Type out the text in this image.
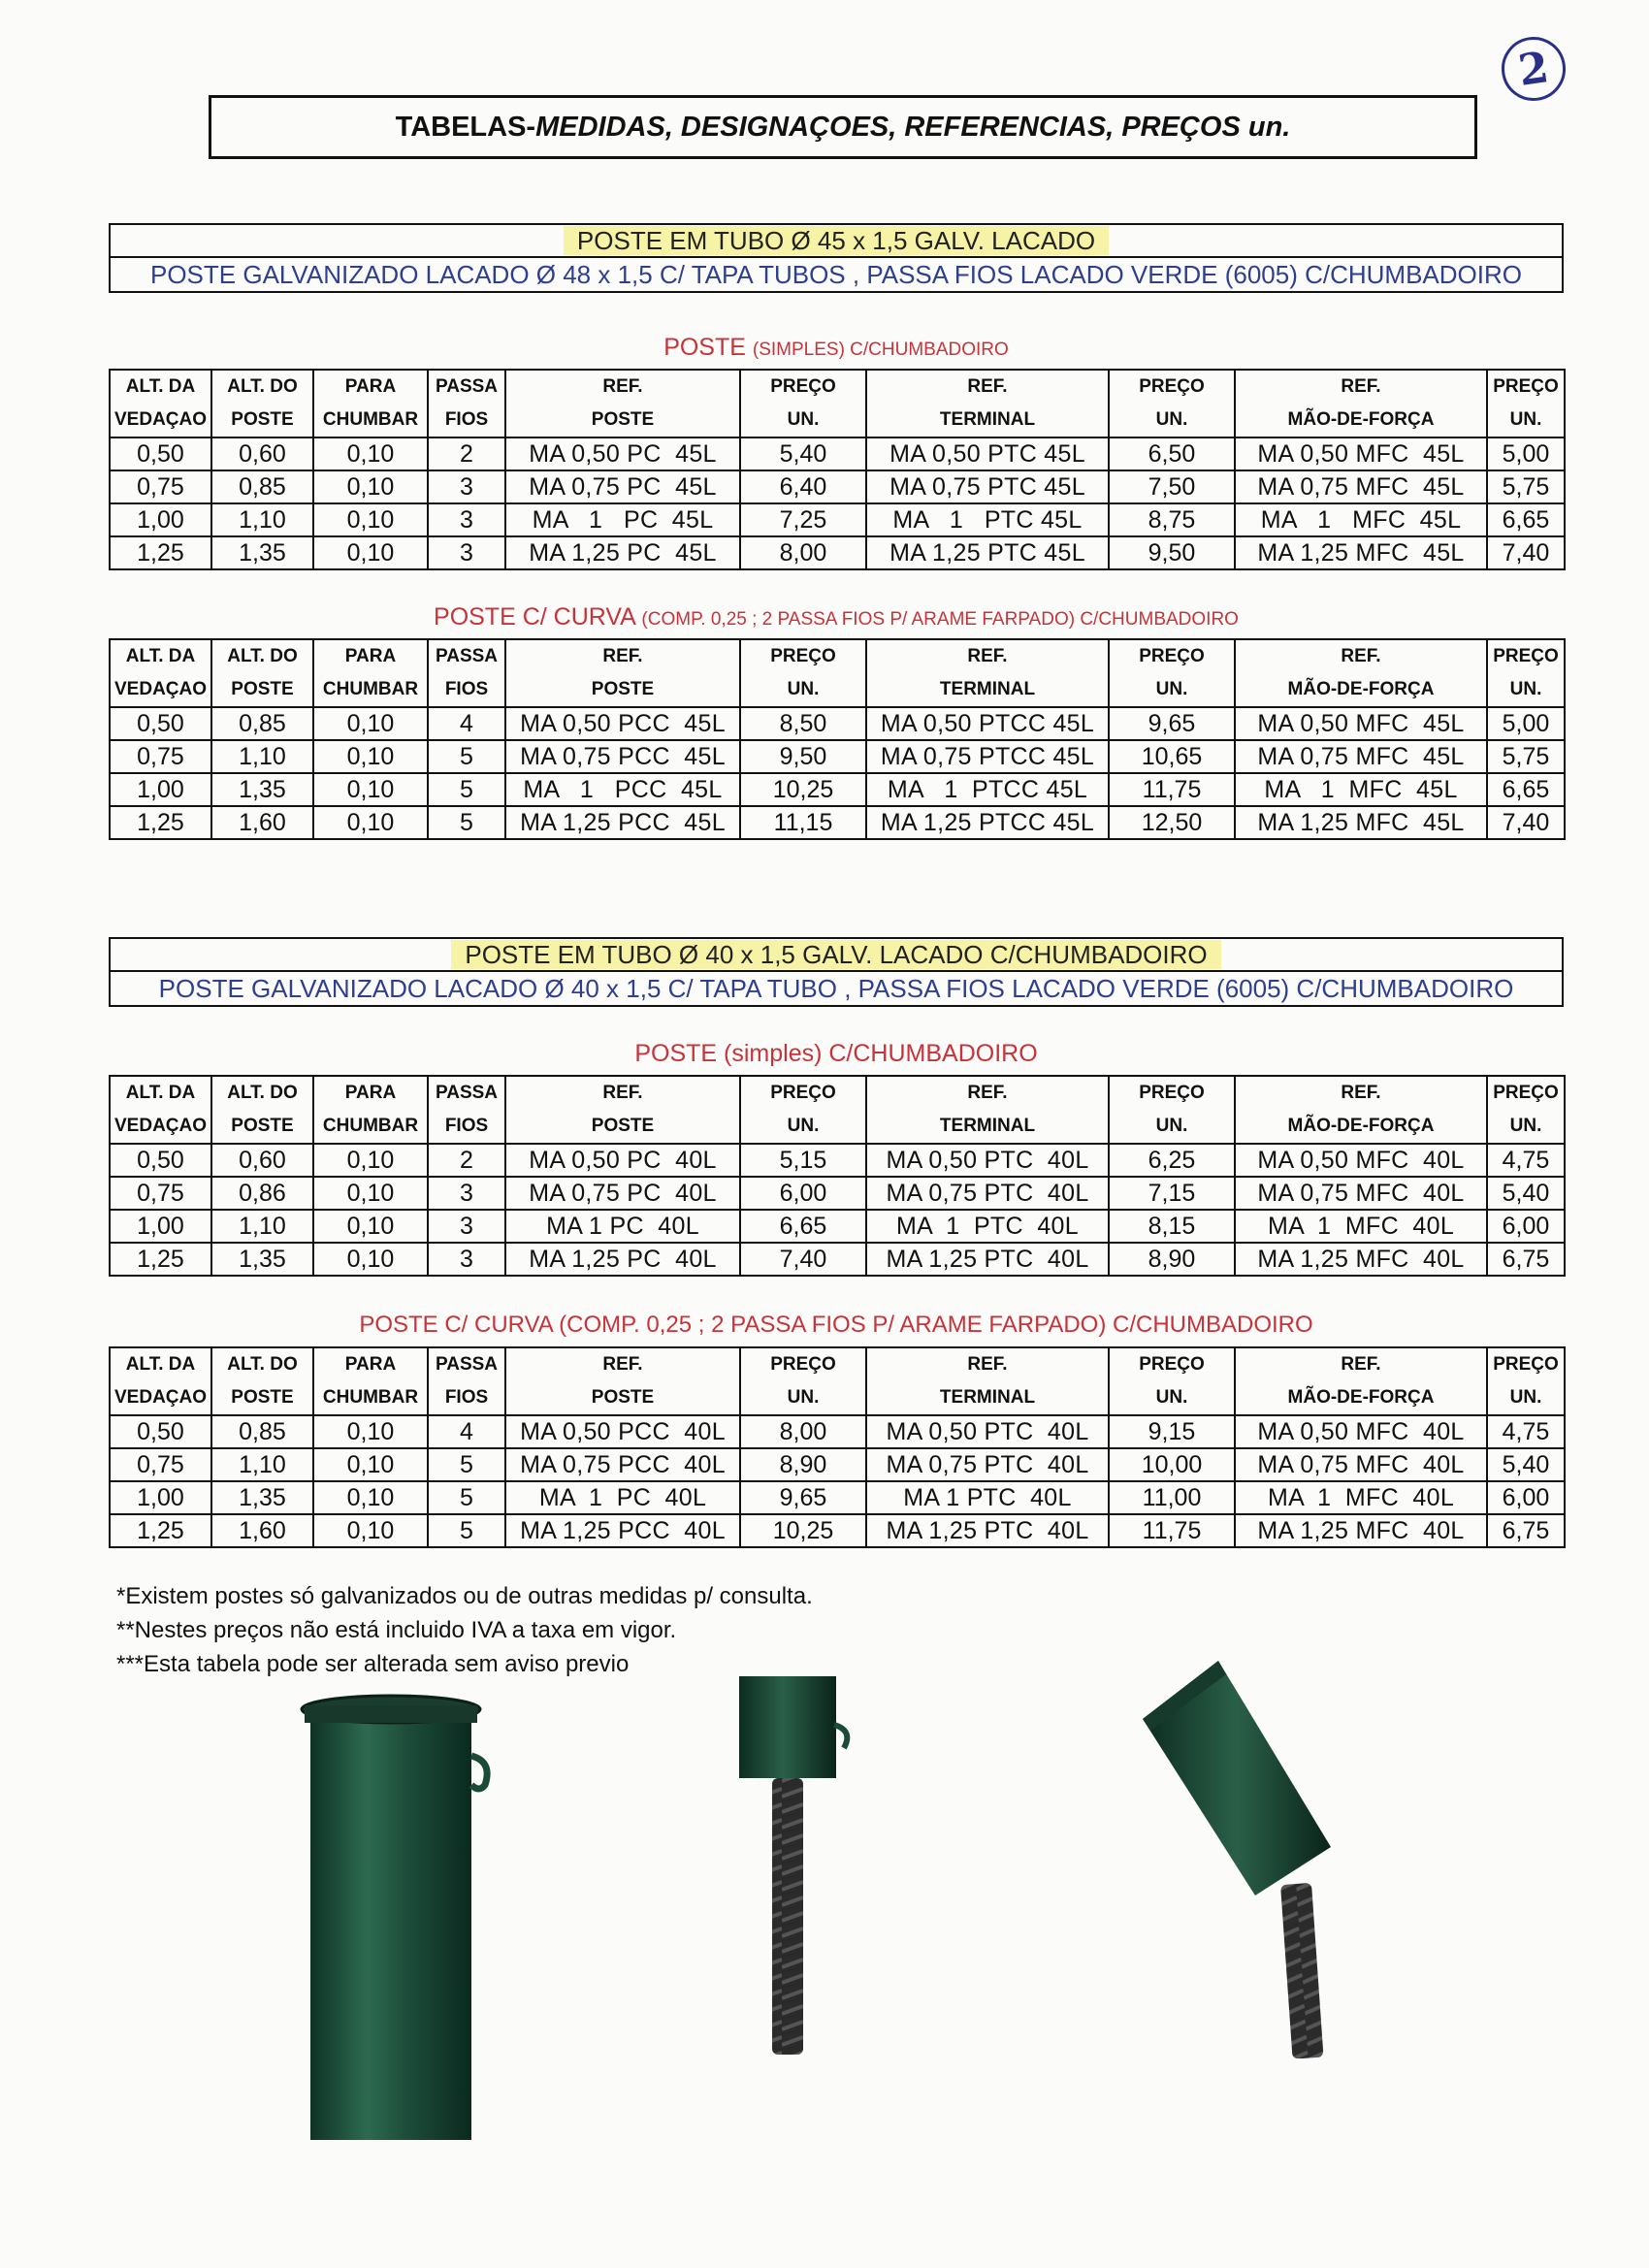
2
TABELAS- MEDIDAS, DESIGNAÇOES, REFERENCIAS, PREÇOS un.
POSTE EM TUBO Ø 45 x 1,5 GALV. LACADO
POSTE GALVANIZADO LACADO Ø 48 x 1,5 C/ TAPA TUBOS , PASSA FIOS LACADO VERDE (6005) C/CHUMBADOIRO
POSTE (SIMPLES) C/CHUMBADOIRO
ALT. DA	ALT. DO	PARA	PASSA	REF.	PREÇO	REF.	PREÇO	REF.	PREÇO
VEDAÇAO	POSTE	CHUMBAR	FIOS	POSTE	UN.	TERMINAL	UN.	MÃO-DE-FORÇA	UN.
0,50	0,60	0,10	2	MA 0,50 PC  45L	5,40	MA 0,50 PTC 45L	6,50	MA 0,50 MFC  45L	5,00
0,75	0,85	0,10	3	MA 0,75 PC  45L	6,40	MA 0,75 PTC 45L	7,50	MA 0,75 MFC  45L	5,75
1,00	1,10	0,10	3	MA   1   PC  45L	7,25	MA   1   PTC 45L	8,75	MA   1   MFC  45L	6,65
1,25	1,35	0,10	3	MA 1,25 PC  45L	8,00	MA 1,25 PTC 45L	9,50	MA 1,25 MFC  45L	7,40
POSTE C/ CURVA (COMP. 0,25 ; 2 PASSA FIOS P/ ARAME FARPADO) C/CHUMBADOIRO
ALT. DA	ALT. DO	PARA	PASSA	REF.	PREÇO	REF.	PREÇO	REF.	PREÇO
VEDAÇAO	POSTE	CHUMBAR	FIOS	POSTE	UN.	TERMINAL	UN.	MÃO-DE-FORÇA	UN.
0,50	0,85	0,10	4	MA 0,50 PCC  45L	8,50	MA 0,50 PTCC 45L	9,65	MA 0,50 MFC  45L	5,00
0,75	1,10	0,10	5	MA 0,75 PCC  45L	9,50	MA 0,75 PTCC 45L	10,65	MA 0,75 MFC  45L	5,75
1,00	1,35	0,10	5	MA   1   PCC  45L	10,25	MA   1  PTCC 45L	11,75	MA   1  MFC  45L	6,65
1,25	1,60	0,10	5	MA 1,25 PCC  45L	11,15	MA 1,25 PTCC 45L	12,50	MA 1,25 MFC  45L	7,40
POSTE EM TUBO Ø 40 x 1,5 GALV. LACADO C/CHUMBADOIRO
POSTE GALVANIZADO LACADO Ø 40 x 1,5 C/ TAPA TUBO , PASSA FIOS LACADO VERDE (6005) C/CHUMBADOIRO
POSTE (simples) C/CHUMBADOIRO
ALT. DA	ALT. DO	PARA	PASSA	REF.	PREÇO	REF.	PREÇO	REF.	PREÇO
VEDAÇAO	POSTE	CHUMBAR	FIOS	POSTE	UN.	TERMINAL	UN.	MÃO-DE-FORÇA	UN.
0,50	0,60	0,10	2	MA 0,50 PC  40L	5,15	MA 0,50 PTC  40L	6,25	MA 0,50 MFC  40L	4,75
0,75	0,86	0,10	3	MA 0,75 PC  40L	6,00	MA 0,75 PTC  40L	7,15	MA 0,75 MFC  40L	5,40
1,00	1,10	0,10	3	MA 1 PC  40L	6,65	MA  1  PTC  40L	8,15	MA  1  MFC  40L	6,00
1,25	1,35	0,10	3	MA 1,25 PC  40L	7,40	MA 1,25 PTC  40L	8,90	MA 1,25 MFC  40L	6,75
POSTE C/ CURVA (COMP. 0,25 ; 2 PASSA FIOS P/ ARAME FARPADO) C/CHUMBADOIRO
ALT. DA	ALT. DO	PARA	PASSA	REF.	PREÇO	REF.	PREÇO	REF.	PREÇO
VEDAÇAO	POSTE	CHUMBAR	FIOS	POSTE	UN.	TERMINAL	UN.	MÃO-DE-FORÇA	UN.
0,50	0,85	0,10	4	MA 0,50 PCC  40L	8,00	MA 0,50 PTC  40L	9,15	MA 0,50 MFC  40L	4,75
0,75	1,10	0,10	5	MA 0,75 PCC  40L	8,90	MA 0,75 PTC  40L	10,00	MA 0,75 MFC  40L	5,40
1,00	1,35	0,10	5	MA  1  PC  40L	9,65	MA 1 PTC  40L	11,00	MA  1  MFC  40L	6,00
1,25	1,60	0,10	5	MA 1,25 PCC  40L	10,25	MA 1,25 PTC  40L	11,75	MA 1,25 MFC  40L	6,75
*Existem postes só galvanizados ou de outras medidas p/ consulta.
**Nestes preços não está incluido IVA a taxa em vigor.
***Esta tabela pode ser alterada sem aviso previo
